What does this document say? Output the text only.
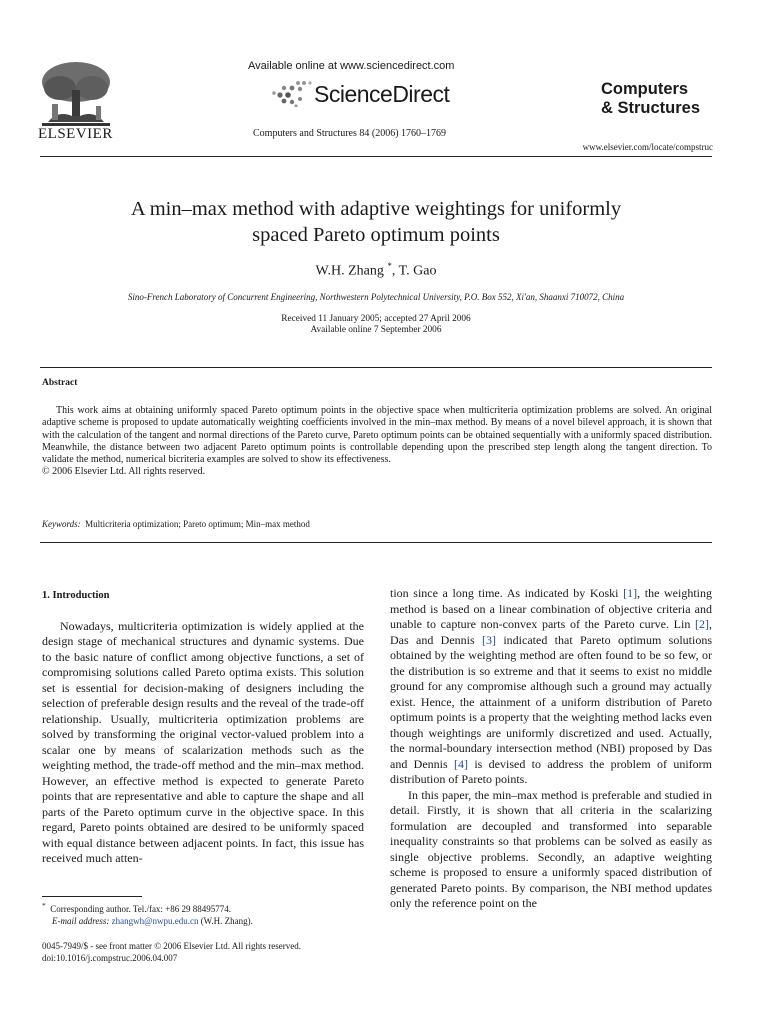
ELSEVIER
Available online at www.sciencedirect.com
ScienceDirect
Computers and Structures 84 (2006) 1760–1769
Computers
& Structures
www.elsevier.com/locate/compstruc
A min–max method with adaptive weightings for uniformly
spaced Pareto optimum points
W.H. Zhang *, T. Gao
Sino-French Laboratory of Concurrent Engineering, Northwestern Polytechnical University, P.O. Box 552, Xi'an, Shaanxi 710072, China
Received 11 January 2005; accepted 27 April 2006
Available online 7 September 2006
Abstract

This work aims at obtaining uniformly spaced Pareto optimum points in the objective space when multicriteria optimization problems are solved. An original adaptive scheme is proposed to update automatically weighting coefficients involved in the min–max method. By means of a novel bilevel approach, it is shown that with the calculation of the tangent and normal directions of the Pareto curve, Pareto optimum points can be obtained sequentially with a uniformly spaced distribution. Meanwhile, the distance between two adjacent Pareto optimum points is controllable depending upon the prescribed step length along the tangent direction. To validate the method, numerical bicriteria examples are solved to show its effectiveness.

© 2006 Elsevier Ltd. All rights reserved.

Keywords: Multicriteria optimization; Pareto optimum; Min–max method

1. Introduction

Nowadays, multicriteria optimization is widely applied at the design stage of mechanical structures and dynamic systems. Due to the basic nature of conflict among objective functions, a set of compromising solutions called Pareto optima exists. This solution set is essential for decision-making of designers including the selection of preferable design results and the reveal of the trade-off relationship. Usually, multicriteria optimization problems are solved by transforming the original vector-valued problem into a scalar one by means of scalarization methods such as the weighting method, the trade-off method and the min–max method. However, an effective method is expected to generate Pareto points that are representative and able to capture the shape and all parts of the Pareto optimum curve in the objective space. In this regard, Pareto points obtained are desired to be uniformly spaced with equal distance between adjacent points. In fact, this issue has received much atten-

tion since a long time. As indicated by Koski [1], the weighting method is based on a linear combination of objective criteria and unable to capture non-convex parts of the Pareto curve. Lin [2], Das and Dennis [3] indicated that Pareto optimum solutions obtained by the weighting method are often found to be so few, or the distribution is so extreme and that it seems to exist no middle ground for any compromise although such a ground may actually exist. Hence, the attainment of a uniform distribution of Pareto optimum points is a property that the weighting method lacks even though weightings are uniformly discretized and used. Actually, the normal-boundary intersection method (NBI) proposed by Das and Dennis [4] is devised to address the problem of uniform distribution of Pareto points.

In this paper, the min–max method is preferable and studied in detail. Firstly, it is shown that all criteria in the scalarizing formulation are decoupled and transformed into separable inequality constraints so that problems can be solved as easily as single objective problems. Secondly, an adaptive weighting scheme is proposed to ensure a uniformly spaced distribution of generated Pareto points. By comparison, the NBI method updates only the reference point on the

* Corresponding author. Tel./fax: +86 29 88495774.
E-mail address: zhangwh@nwpu.edu.cn (W.H. Zhang).
0045-7949/$ - see front matter © 2006 Elsevier Ltd. All rights reserved.
doi:10.1016/j.compstruc.2006.04.007
